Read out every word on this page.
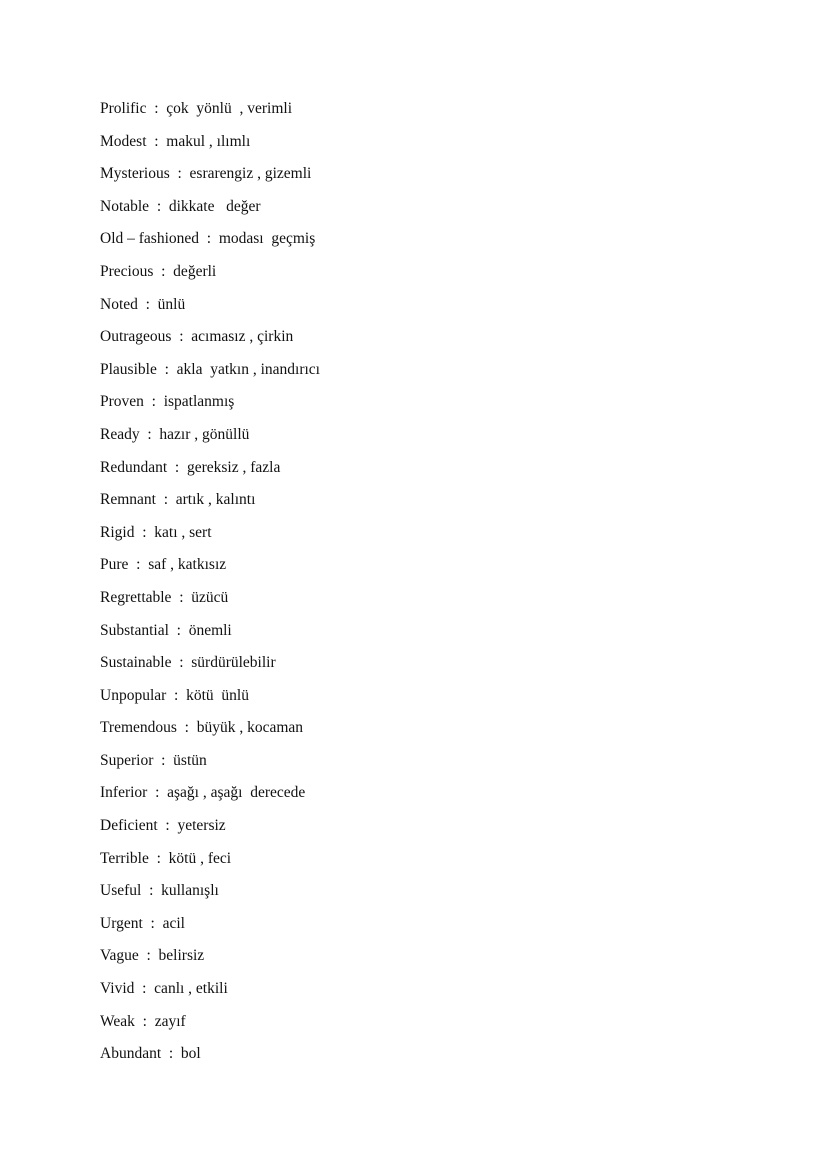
Prolific  :  çok  yönlü  , verimli
Modest  :  makul , ılımlı
Mysterious  :  esrarengiz , gizemli
Notable  :  dikkate   değer
Old – fashioned  :  modası  geçmiş
Precious  :  değerli
Noted  :  ünlü
Outrageous  :  acımasız , çirkin
Plausible  :  akla  yatkın , inandırıcı
Proven  :  ispatlanmış
Ready  :  hazır , gönüllü
Redundant  :  gereksiz , fazla
Remnant  :  artık , kalıntı
Rigid  :  katı , sert
Pure  :  saf , katkısız
Regrettable  :  üzücü
Substantial  :  önemli
Sustainable  :  sürdürülebilir
Unpopular  :  kötü  ünlü
Tremendous  :  büyük , kocaman
Superior  :  üstün
Inferior  :  aşağı , aşağı  derecede
Deficient  :  yetersiz
Terrible  :  kötü , feci
Useful  :  kullanışlı
Urgent  :  acil
Vague  :  belirsiz
Vivid  :  canlı , etkili
Weak  :  zayıf
Abundant  :  bol
